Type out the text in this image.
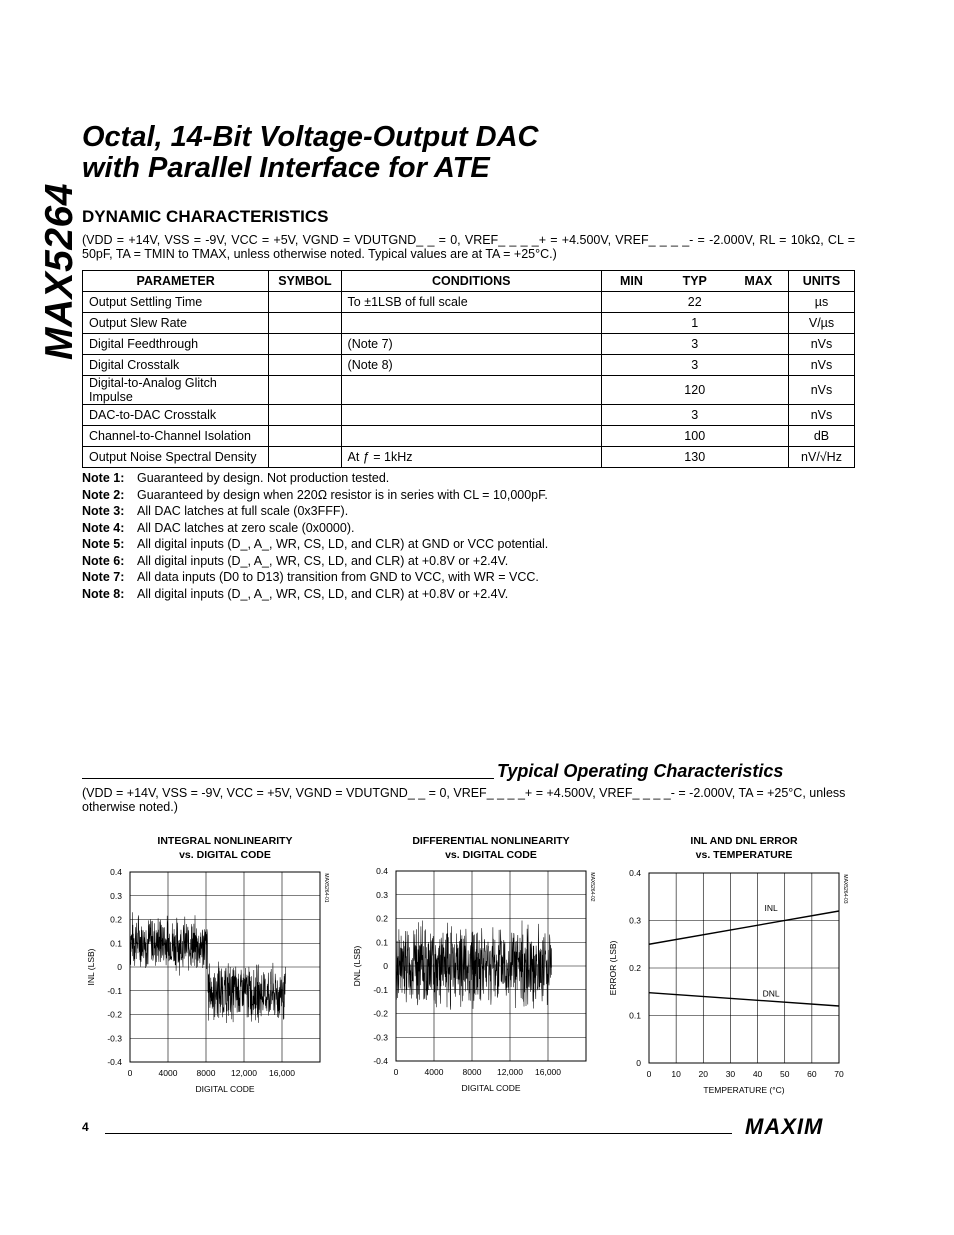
MAX5264
Octal, 14-Bit Voltage-Output DAC
with Parallel Interface for ATE
DYNAMIC CHARACTERISTICS
(VDD = +14V, VSS = -9V, VCC = +5V, VGND = VDUTGND_ _ = 0, VREF_ _ _ _+ = +4.500V, VREF_ _ _ _- = -2.000V, RL = 10kΩ, CL = 50pF, TA = TMIN to TMAX, unless otherwise noted. Typical values are at TA = +25°C.)
PARAMETER	SYMBOL	CONDITIONS	MIN	TYP	MAX	UNITS
Output Settling Time		To ±1LSB of full scale		22		µs
Output Slew Rate				1		V/µs
Digital Feedthrough		(Note 7)		3		nVs
Digital Crosstalk		(Note 8)		3		nVs
Digital-to-Analog Glitch Impulse				120		nVs
DAC-to-DAC Crosstalk				3		nVs
Channel-to-Channel Isolation				100		dB
Output Noise Spectral Density		At ƒ = 1kHz		130		nV/√Hz
Note 1: Guaranteed by design. Not production tested.
Note 2: Guaranteed by design when 220Ω resistor is in series with CL = 10,000pF.
Note 3: All DAC latches at full scale (0x3FFF).
Note 4: All DAC latches at zero scale (0x0000).
Note 5: All digital inputs (D_, A_, WR, CS, LD, and CLR) at GND or VCC potential.
Note 6: All digital inputs (D_, A_, WR, CS, LD, and CLR) at +0.8V or +2.4V.
Note 7: All data inputs (D0 to D13) transition from GND to VCC, with WR = VCC.
Note 8: All digital inputs (D_, A_, WR, CS, LD, and CLR) at +0.8V or +2.4V.
Typical Operating Characteristics
(VDD = +14V, VSS = -9V, VCC = +5V, VGND = VDUTGND_ _ = 0, VREF_ _ _ _+ = +4.500V, VREF_ _ _ _- = -2.000V, TA = +25°C, unless otherwise noted.)
INTEGRAL NONLINEARITY
vs. DIGITAL CODE
0.4
0.3
0.2
0.1
0
-0.1
-0.2
-0.3
-0.4
0	4000 8000 12,000 16,000
DIGITAL CODE
INL (LSB)
MAX5264-01
DIFFERENTIAL NONLINEARITY
vs. DIGITAL CODE
0.4
0.3
0.2
0.1
0
-0.1
-0.2
-0.3
-0.4
0	4000 8000 12,000 16,000
DIGITAL CODE
DNL (LSB)
MAX5264-02
INL AND DNL ERROR
vs. TEMPERATURE
0.4
0.3
0.2
0.1
0
0 10 20 30 40 50 60 70
TEMPERATURE (°C)
ERROR (LSB)
MAX5264-03
INL
DNL
4	MAXIM
